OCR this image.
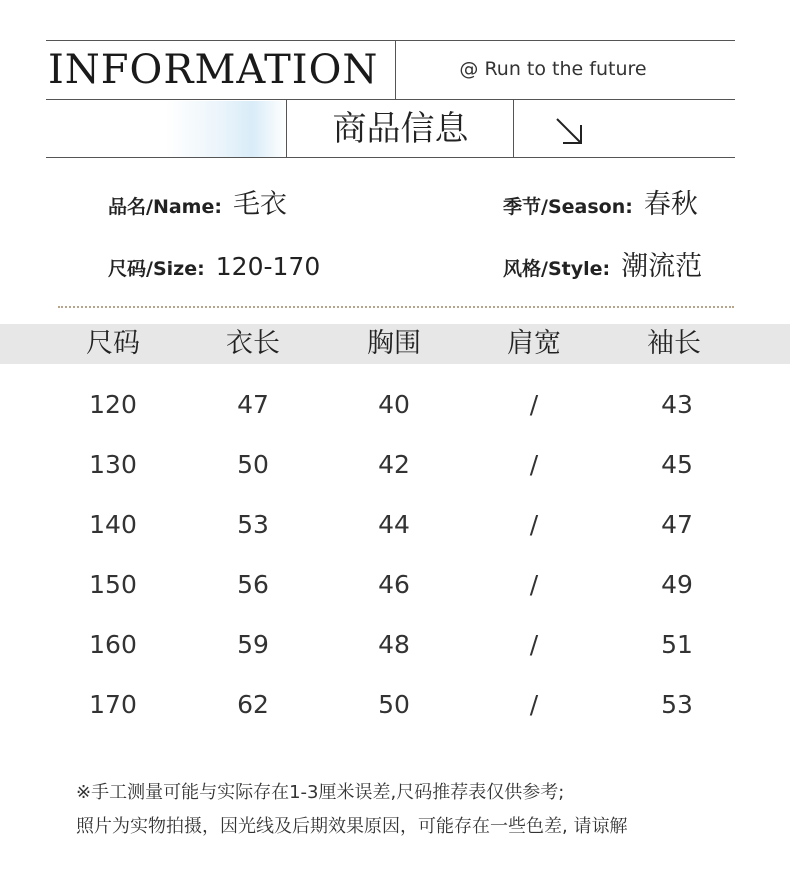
INFORMATION	@ Run to the future
商品信息
品名/Name: 毛衣	季节/Season: 春秋
尺码/Size: 120-170	风格/Style: 潮流范
尺码	衣长	胸围	肩宽	袖长
120	47	40	/	43
130	50	42	/	45
140	53	44	/	47
150	56	46	/	49
160	59	48	/	51
170	62	50	/	53
※手工测量可能与实际存在1-3厘米误差,尺码推荐表仅供参考;
照片为实物拍摄，因光线及后期效果原因，可能存在一些色差, 请谅解
